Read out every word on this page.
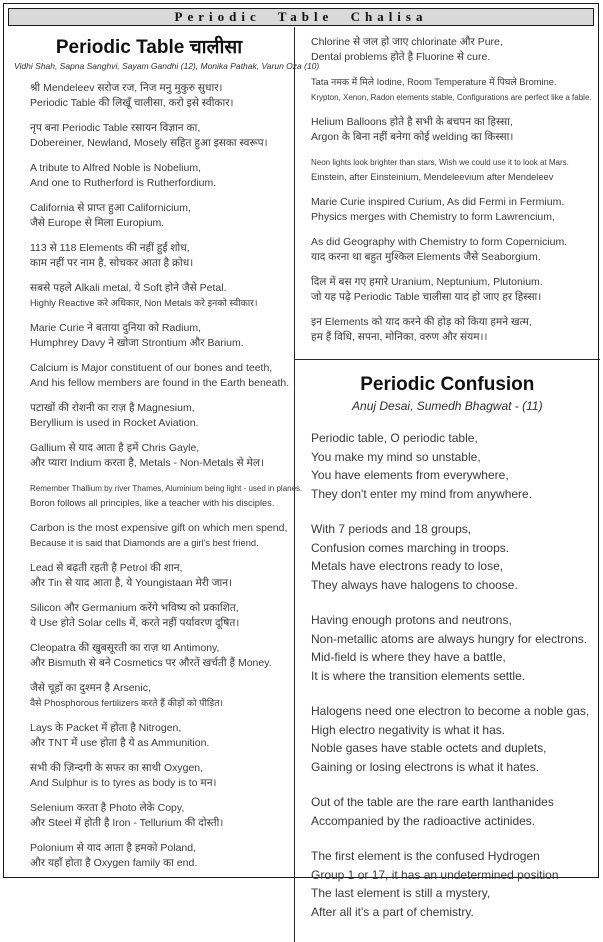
Periodic Table Chalisa
Periodic Table चालीसा
Vidhi Shah, Sapna Sanghvi, Sayam Gandhi (12), Monika Pathak, Varun Oza (10)

श्री Mendeleev सरोज रज, निज मनु मुकुरु सुधार।
Periodic Table की लिखूँ चालीसा, करो इसे स्वीकार।

नृप बना Periodic Table रसायन विज्ञान का,
Dobereiner, Newland, Mosely सहित हुआ इसका स्वरूप।

A tribute to Alfred Noble is Nobelium,
And one to Rutherford is Rutherfordium.

California से प्राप्त हुआ Californicium,
जैसे Europe से मिला Europium.

113 से 118 Elements की नहीं हुईं शोध,
काम नहीं पर नाम है, सोचकर आता है क्रोध।

सबसे पहले Alkali metal, ये Soft होने जैसे Petal.
Highly Reactive करे अधिकार, Non Metals करे इनको स्वीकार।

Marie Curie ने बताया दुनिया को Radium,
Humphrey Davy ने खोजा Strontium और Barium.

Calcium is Major constituent of our bones and teeth,
And his fellow members are found in the Earth beneath.

पटाखों की रोशनी का राज़ है Magnesium,
Beryllium is used in Rocket Aviation.

Gallium से याद आता है हमें Chris Gayle,
और प्यारा Indium करता है, Metals - Non-Metals से मेल।

Remember Thallium by river Thames, Aluminium being light - used in planes.
Boron follows all principles, like a teacher with his disciples.

Carbon is the most expensive gift on which men spend,
Because it is said that Diamonds are a girl's best friend.

Lead से बढ़ती रहती है Petrol की शान,
और Tin से याद आता है, ये Youngistaan मेरी जान।

Silicon और Germanium करेंगे भविष्य को प्रकाशित,
ये Use होते Solar cells में, करते नहीं पर्यावरण दूषित।

Cleopatra की खुबसूरती का राज़ था Antimony,
और Bismuth से बने Cosmetics पर औरतें खर्चती हैं Money.

जैसे चूहों का दुश्मन है Arsenic,
वैसे Phosphorous fertilizers करते हैं कीड़ों को पीड़ित।

Lays के Packet में होता है Nitrogen,
और TNT में use होता है ये as Ammunition.

सभी की ज़िन्दगी के सफर का साथी Oxygen,
And Sulphur is to tyres as body is to मन।

Selenium करता है Photo लेके Copy,
और Steel में होती है Iron - Tellurium की दोस्ती।

Polonium से याद आता है हमको Poland,
और यहाँ होता है Oxygen family का end.

Chlorine से जल हो जाए chlorinate और Pure,
Dental problems होते है Fluorine से cure.

Tata नमक में मिले Iodine, Room Temperature में पिघले Bromine.
Krypton, Xenon, Radon elements stable, Configurations are perfect like a fable.

Helium Balloons होते है सभी के बचपन का हिस्सा,
Argon के बिना नहीं बनेगा कोई welding का किस्सा।

Neon lights look brighter than stars, Wish we could use it to look at Mars.
Einstein, after Einsteinium, Mendeleevium after Mendeleev

Marie Curie inspired Curium, As did Fermi in Fermium.
Physics merges with Chemistry to form Lawrencium,

As did Geography with Chemistry to form Copernicium.
याद करना था बहुत मुश्किल Elements जैसे Seaborgium.

दिल में बस गए हमारे Uranium, Neptunium, Plutonium.
जो यह पढ़े Periodic Table चालीसा याद हो जाए हर हिस्सा।

इन Elements को याद करने की होड़ को किया हमने खत्म,
हम हैं विधि, सपना, मोनिका, वरुण और संयम।।

Periodic Confusion
Anuj Desai, Sumedh Bhagwat - (11)

Periodic table, O periodic table,
You make my mind so unstable,
You have elements from everywhere,
They don't enter my mind from anywhere.

With 7 periods and 18 groups,
Confusion comes marching in troops.
Metals have electrons ready to lose,
They always have halogens to choose.

Having enough protons and neutrons,
Non-metallic atoms are always hungry for electrons.
Mid-field is where they have a battle,
It is where the transition elements settle.

Halogens need one electron to become a noble gas,
High electro negativity is what it has.
Noble gases have stable octets and duplets,
Gaining or losing electrons is what it hates.

Out of the table are the rare earth lanthanides
Accompanied by the radioactive actinides.

The first element is the confused Hydrogen
Group 1 or 17, it has an undetermined position
The last element is still a mystery,
After all it's a part of chemistry.
